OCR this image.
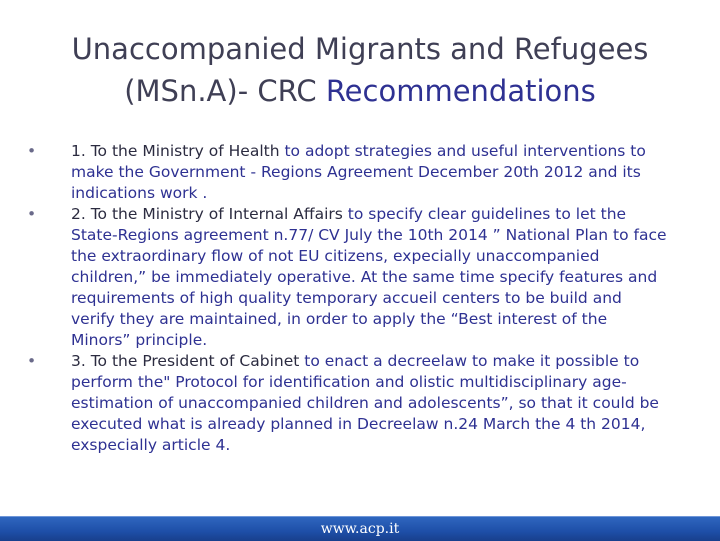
Unaccompanied Migrants and Refugees
(MSn.A)- CRC Recommendations
• 1. To the Ministry of Health to adopt strategies and useful interventions to make the Government - Regions Agreement December 20th 2012 and its indications work .
• 2. To the Ministry of Internal Affairs to specify clear guidelines to let the State-Regions agreement n.77/ CV July the 10th 2014 ” National Plan to face the extraordinary flow of not EU citizens, expecially unaccompanied children,” be immediately operative. At the same time specify features and requirements of high quality temporary accueil centers to be build and verify they are maintained, in order to apply the “Best interest of the Minors” principle.
• 3. To the President of Cabinet to enact a decreelaw to make it possible to perform the" Protocol for identification and olistic multidisciplinary age-estimation of unaccompanied children and adolescents”, so that it could be executed what is already planned in Decreelaw n.24 March the 4 th 2014, exspecially article 4.
www.acp.it
